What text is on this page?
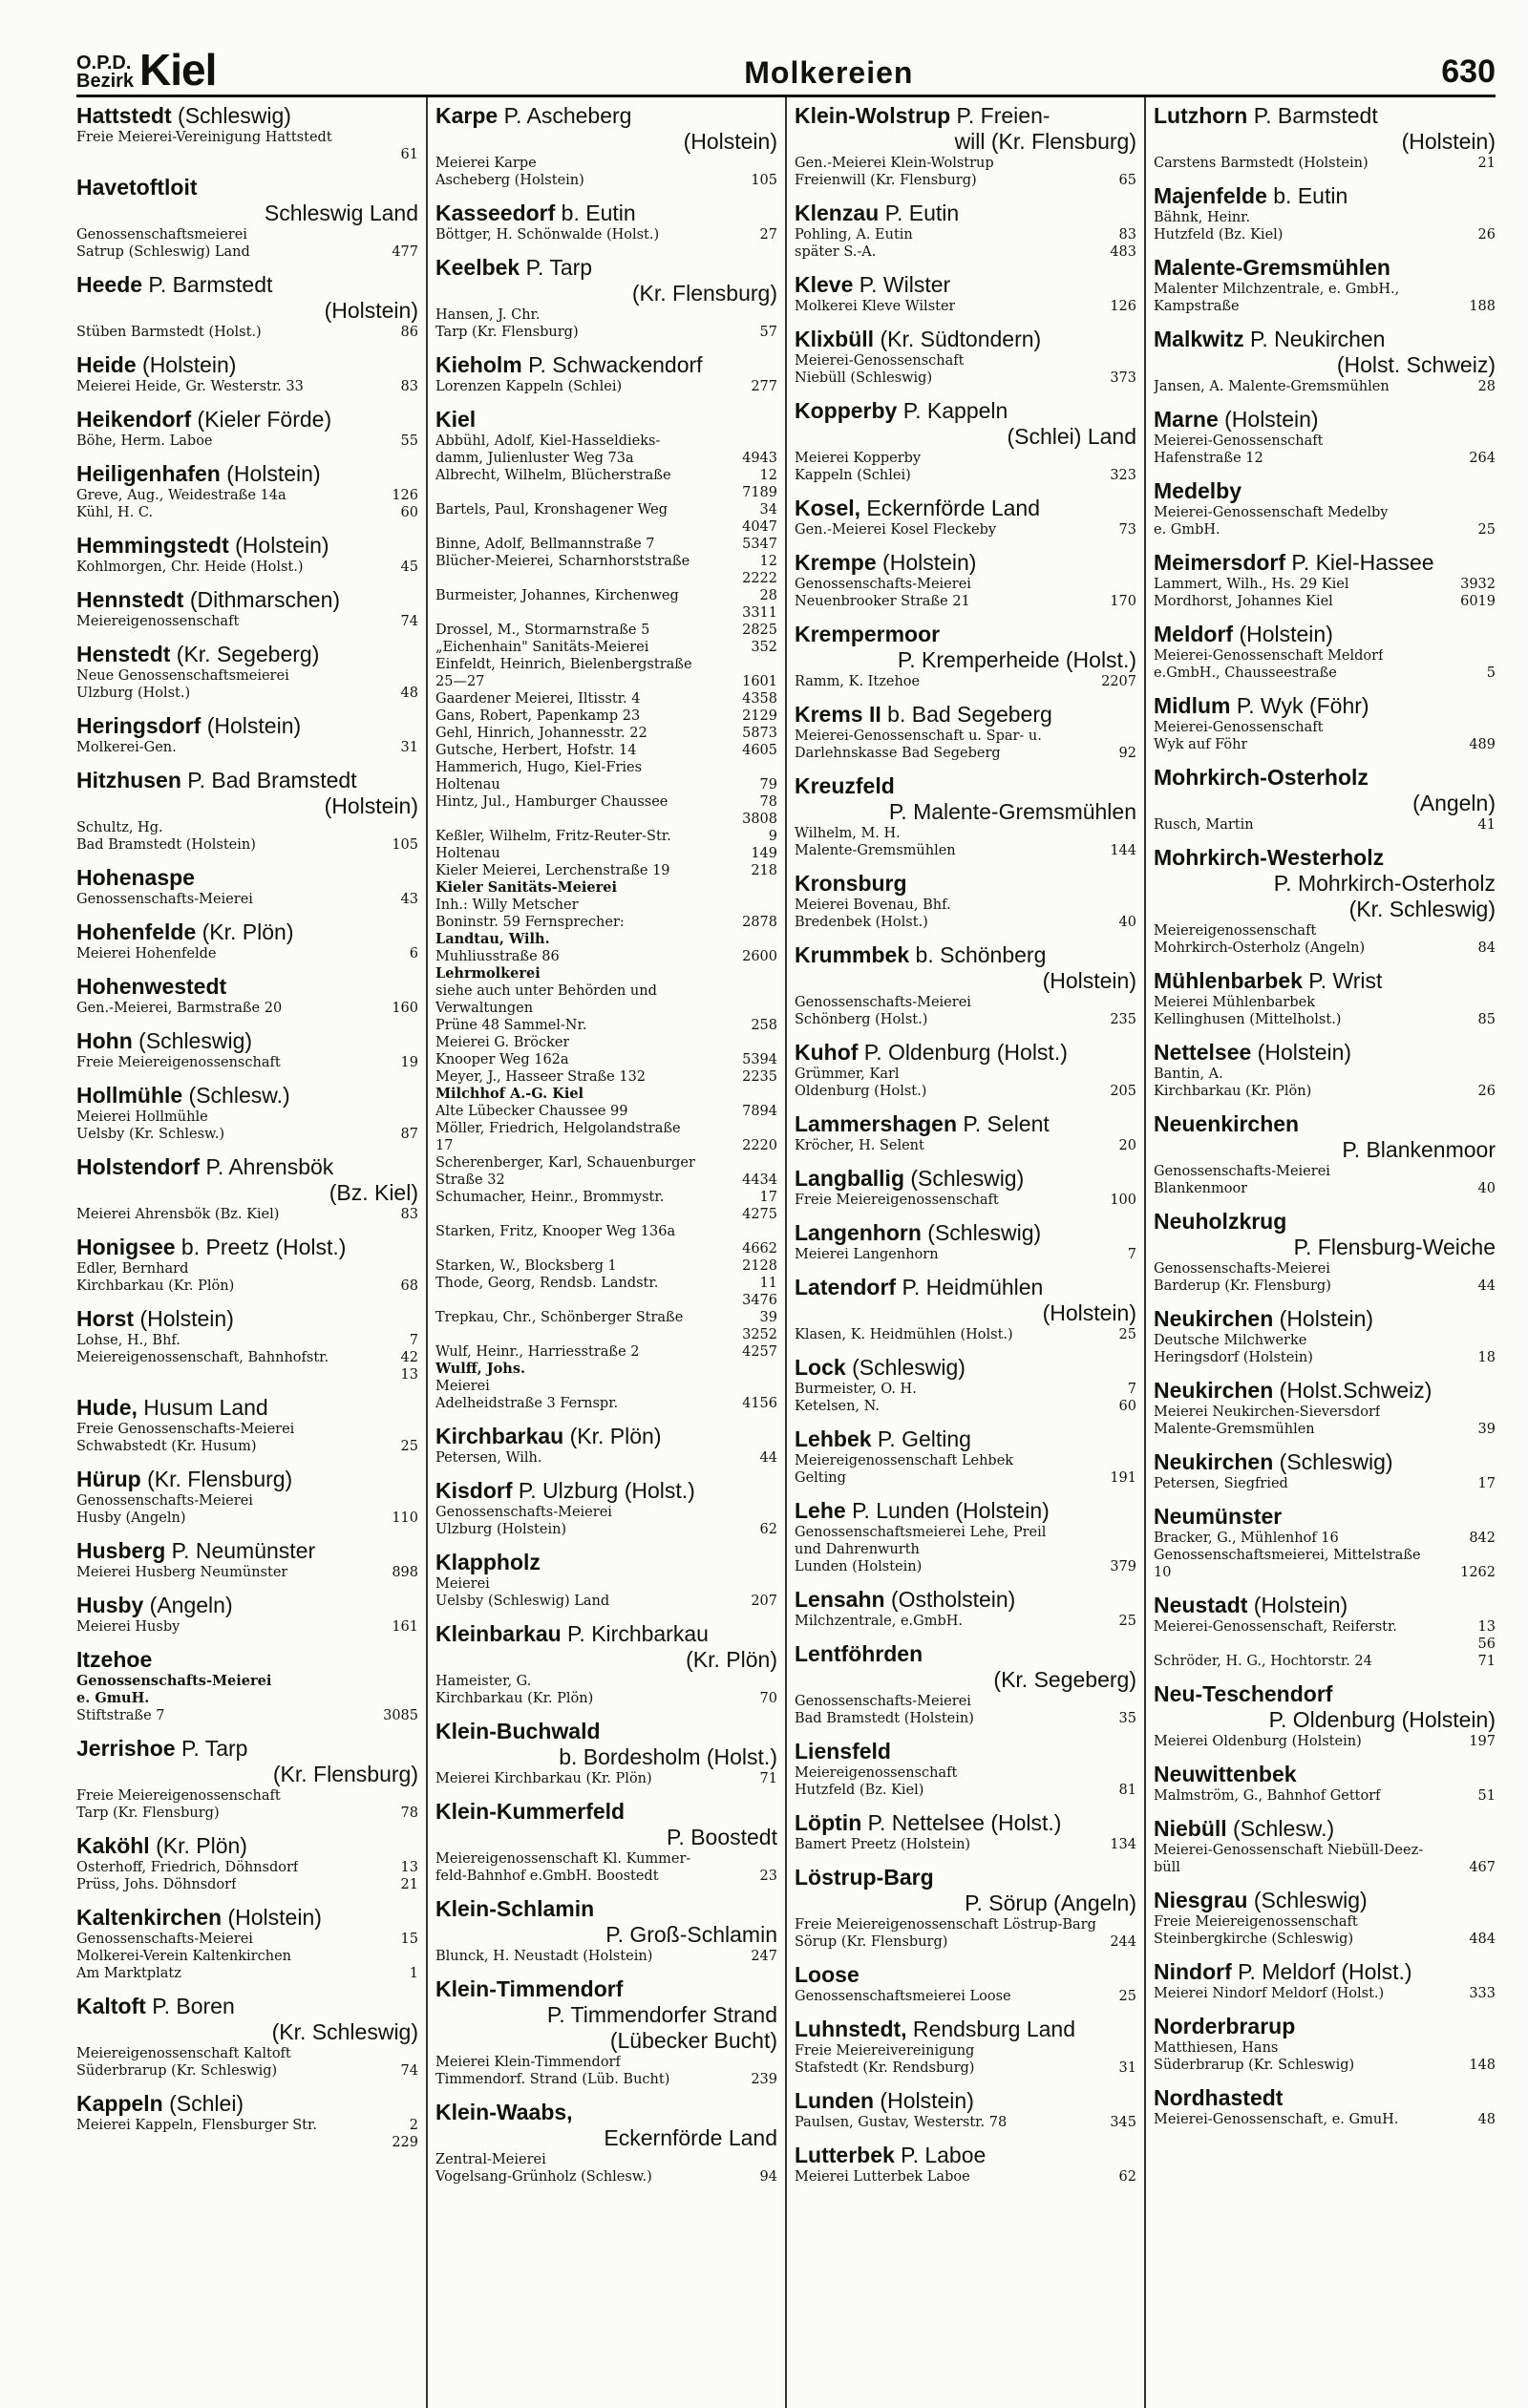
O.P.D.
Bezirk Kiel	Molkereien	630
Hattstedt (Schleswig)
Freie Meierei-Vereinigung Hattstedt
61
Havetoftloit
Schleswig Land
Genossenschaftsmeierei
Satrup (Schleswig) Land	477
Heede P. Barmstedt
(Holstein)
Stüben Barmstedt (Holst.)	86
Heide (Holstein)
Meierei Heide, Gr. Westerstr. 33	83
Heikendorf (Kieler Förde)
Böhe, Herm. Laboe	55
Heiligenhafen (Holstein)
Greve, Aug., Weidestraße 14a	126
Kühl, H. C.	60
Hemmingstedt (Holstein)
Kohlmorgen, Chr. Heide (Holst.)	45
Hennstedt (Dithmarschen)
Meiereigenossenschaft	74
Henstedt (Kr. Segeberg)
Neue Genossenschaftsmeierei
Ulzburg (Holst.)	48
Heringsdorf (Holstein)
Molkerei-Gen.	31
Hitzhusen P. Bad Bramstedt
(Holstein)
Schultz, Hg.
Bad Bramstedt (Holstein)	105
Hohenaspe
Genossenschafts-Meierei	43
Hohenfelde (Kr. Plön)
Meierei Hohenfelde	6
Hohenwestedt
Gen.-Meierei, Barmstraße 20	160
Hohn (Schleswig)
Freie Meiereigenossenschaft	19
Hollmühle (Schlesw.)
Meierei Hollmühle
Uelsby (Kr. Schlesw.)	87
Holstendorf P. Ahrensbök
(Bz. Kiel)
Meierei Ahrensbök (Bz. Kiel)	83
Honigsee b. Preetz (Holst.)
Edler, Bernhard
Kirchbarkau (Kr. Plön)	68
Horst (Holstein)
Lohse, H., Bhf.	7
Meiereigenossenschaft, Bahnhofstr.	42
13
Hude, Husum Land
Freie Genossenschafts-Meierei
Schwabstedt (Kr. Husum)	25
Hürup (Kr. Flensburg)
Genossenschafts-Meierei
Husby (Angeln)	110
Husberg P. Neumünster
Meierei Husberg Neumünster	898
Husby (Angeln)
Meierei Husby	161
Itzehoe
Genossenschafts-Meierei
e. GmuH.
Stiftstraße 7	3085
Jerrishoe P. Tarp
(Kr. Flensburg)
Freie Meiereigenossenschaft
Tarp (Kr. Flensburg)	78
Kaköhl (Kr. Plön)
Osterhoff, Friedrich, Döhnsdorf	13
Prüss, Johs. Döhnsdorf	21
Kaltenkirchen (Holstein)
Genossenschafts-Meierei	15
Molkerei-Verein Kaltenkirchen
Am Marktplatz	1
Kaltoft P. Boren
(Kr. Schleswig)
Meiereigenossenschaft Kaltoft
Süderbrarup (Kr. Schleswig)	74
Kappeln (Schlei)
Meierei Kappeln, Flensburger Str.	2
229
Karpe P. Ascheberg
(Holstein)
Meierei Karpe
Ascheberg (Holstein)	105
Kasseedorf b. Eutin
Böttger, H. Schönwalde (Holst.)	27
Keelbek P. Tarp
(Kr. Flensburg)
Hansen, J. Chr.
Tarp (Kr. Flensburg)	57
Kieholm P. Schwackendorf
Lorenzen Kappeln (Schlei)	277
Kiel
Abbühl, Adolf, Kiel-Hasseldieks-
damm, Julienluster Weg 73a	4943
Albrecht, Wilhelm, Blücherstraße	12
7189
Bartels, Paul, Kronshagener Weg	34
4047
Binne, Adolf, Bellmannstraße 7	5347
Blücher-Meierei, Scharnhorststraße	12
2222
Burmeister, Johannes, Kirchenweg	28
3311
Drossel, M., Stormarnstraße 5	2825
„Eichenhain" Sanitäts-Meierei	352
Einfeldt, Heinrich, Bielenbergstraße
25—27	1601
Gaardener Meierei, Iltisstr. 4	4358
Gans, Robert, Papenkamp 23	2129
Gehl, Hinrich, Johannesstr. 22	5873
Gutsche, Herbert, Hofstr. 14	4605
Hammerich, Hugo, Kiel-Fries
Holtenau	79
Hintz, Jul., Hamburger Chaussee	78
3808
Keßler, Wilhelm, Fritz-Reuter-Str.	9
Holtenau	149
Kieler Meierei, Lerchenstraße 19	218
Kieler Sanitäts-Meierei
Inh.: Willy Metscher
Boninstr. 59 Fernsprecher:	2878
Landtau, Wilh.
Muhliusstraße 86	2600
Lehrmolkerei
siehe auch unter Behörden und
Verwaltungen
Prüne 48 Sammel-Nr.	258
Meierei G. Bröcker
Knooper Weg 162a	5394
Meyer, J., Hasseer Straße 132	2235
Milchhof A.-G. Kiel
Alte Lübecker Chaussee 99	7894
Möller, Friedrich, Helgolandstraße
17	2220
Scherenberger, Karl, Schauenburger
Straße 32	4434
Schumacher, Heinr., Brommystr.	17
4275
Starken, Fritz, Knooper Weg 136a
4662
Starken, W., Blocksberg 1	2128
Thode, Georg, Rendsb. Landstr.	11
3476
Trepkau, Chr., Schönberger Straße	39
3252
Wulf, Heinr., Harriesstraße 2	4257
Wulff, Johs.
Meierei
Adelheidstraße 3 Fernspr.	4156
Kirchbarkau (Kr. Plön)
Petersen, Wilh.	44
Kisdorf P. Ulzburg (Holst.)
Genossenschafts-Meierei
Ulzburg (Holstein)	62
Klappholz
Meierei
Uelsby (Schleswig) Land	207
Kleinbarkau P. Kirchbarkau
(Kr. Plön)
Hameister, G.
Kirchbarkau (Kr. Plön)	70
Klein-Buchwald
b. Bordesholm (Holst.)
Meierei Kirchbarkau (Kr. Plön)	71
Klein-Kummerfeld
P. Boostedt
Meiereigenossenschaft Kl. Kummer-
feld-Bahnhof e.GmbH. Boostedt	23
Klein-Schlamin
P. Groß-Schlamin
Blunck, H. Neustadt (Holstein)	247
Klein-Timmendorf
P. Timmendorfer Strand
(Lübecker Bucht)
Meierei Klein-Timmendorf
Timmendorf. Strand (Lüb. Bucht)	239
Klein-Waabs,
Eckernförde Land
Zentral-Meierei
Vogelsang-Grünholz (Schlesw.)	94
Klein-Wolstrup P. Freien-
will (Kr. Flensburg)
Gen.-Meierei Klein-Wolstrup
Freienwill (Kr. Flensburg)	65
Klenzau P. Eutin
Pohling, A. Eutin	83
später S.-A.	483
Kleve P. Wilster
Molkerei Kleve Wilster	126
Klixbüll (Kr. Südtondern)
Meierei-Genossenschaft
Niebüll (Schleswig)	373
Kopperby P. Kappeln
(Schlei) Land
Meierei Kopperby
Kappeln (Schlei)	323
Kosel, Eckernförde Land
Gen.-Meierei Kosel Fleckeby	73
Krempe (Holstein)
Genossenschafts-Meierei
Neuenbrooker Straße 21	170
Krempermoor
P. Kremperheide (Holst.)
Ramm, K. Itzehoe	2207
Krems II b. Bad Segeberg
Meierei-Genossenschaft u. Spar- u.
Darlehnskasse Bad Segeberg	92
Kreuzfeld
P. Malente-Gremsmühlen
Wilhelm, M. H.
Malente-Gremsmühlen	144
Kronsburg
Meierei Bovenau, Bhf.
Bredenbek (Holst.)	40
Krummbek b. Schönberg
(Holstein)
Genossenschafts-Meierei
Schönberg (Holst.)	235
Kuhof P. Oldenburg (Holst.)
Grümmer, Karl
Oldenburg (Holst.)	205
Lammershagen P. Selent
Kröcher, H. Selent	20
Langballig (Schleswig)
Freie Meiereigenossenschaft	100
Langenhorn (Schleswig)
Meierei Langenhorn	7
Latendorf P. Heidmühlen
(Holstein)
Klasen, K. Heidmühlen (Holst.)	25
Lock (Schleswig)
Burmeister, O. H.	7
Ketelsen, N.	60
Lehbek P. Gelting
Meiereigenossenschaft Lehbek
Gelting	191
Lehe P. Lunden (Holstein)
Genossenschaftsmeierei Lehe, Preil
und Dahrenwurth
Lunden (Holstein)	379
Lensahn (Ostholstein)
Milchzentrale, e.GmbH.	25
Lentföhrden
(Kr. Segeberg)
Genossenschafts-Meierei
Bad Bramstedt (Holstein)	35
Liensfeld
Meiereigenossenschaft
Hutzfeld (Bz. Kiel)	81
Löptin P. Nettelsee (Holst.)
Bamert Preetz (Holstein)	134
Löstrup-Barg
P. Sörup (Angeln)
Freie Meiereigenossenschaft Löstrup-Barg
Sörup (Kr. Flensburg)	244
Loose
Genossenschaftsmeierei Loose	25
Luhnstedt, Rendsburg Land
Freie Meiereivereinigung
Stafstedt (Kr. Rendsburg)	31
Lunden (Holstein)
Paulsen, Gustav, Westerstr. 78	345
Lutterbek P. Laboe
Meierei Lutterbek Laboe	62
Lutzhorn P. Barmstedt
(Holstein)
Carstens Barmstedt (Holstein)	21
Majenfelde b. Eutin
Bähnk, Heinr.
Hutzfeld (Bz. Kiel)	26
Malente-Gremsmühlen
Malenter Milchzentrale, e. GmbH.,
Kampstraße	188
Malkwitz P. Neukirchen
(Holst. Schweiz)
Jansen, A. Malente-Gremsmühlen	28
Marne (Holstein)
Meierei-Genossenschaft
Hafenstraße 12	264
Medelby
Meierei-Genossenschaft Medelby
e. GmbH.	25
Meimersdorf P. Kiel-Hassee
Lammert, Wilh., Hs. 29 Kiel	3932
Mordhorst, Johannes Kiel	6019
Meldorf (Holstein)
Meierei-Genossenschaft Meldorf
e.GmbH., Chausseestraße	5
Midlum P. Wyk (Föhr)
Meierei-Genossenschaft
Wyk auf Föhr	489
Mohrkirch-Osterholz
(Angeln)
Rusch, Martin	41
Mohrkirch-Westerholz
P. Mohrkirch-Osterholz
(Kr. Schleswig)
Meiereigenossenschaft
Mohrkirch-Osterholz (Angeln)	84
Mühlenbarbek P. Wrist
Meierei Mühlenbarbek
Kellinghusen (Mittelholst.)	85
Nettelsee (Holstein)
Bantin, A.
Kirchbarkau (Kr. Plön)	26
Neuenkirchen
P. Blankenmoor
Genossenschafts-Meierei
Blankenmoor	40
Neuholzkrug
P. Flensburg-Weiche
Genossenschafts-Meierei
Barderup (Kr. Flensburg)	44
Neukirchen (Holstein)
Deutsche Milchwerke
Heringsdorf (Holstein)	18
Neukirchen (Holst.Schweiz)
Meierei Neukirchen-Sieversdorf
Malente-Gremsmühlen	39
Neukirchen (Schleswig)
Petersen, Siegfried	17
Neumünster
Bracker, G., Mühlenhof 16	842
Genossenschaftsmeierei, Mittelstraße
10	1262
Neustadt (Holstein)
Meierei-Genossenschaft, Reiferstr.	13
56
Schröder, H. G., Hochtorstr. 24	71
Neu-Teschendorf
P. Oldenburg (Holstein)
Meierei Oldenburg (Holstein)	197
Neuwittenbek
Malmström, G., Bahnhof Gettorf	51
Niebüll (Schlesw.)
Meierei-Genossenschaft Niebüll-Deez-
büll	467
Niesgrau (Schleswig)
Freie Meiereigenossenschaft
Steinbergkirche (Schleswig)	484
Nindorf P. Meldorf (Holst.)
Meierei Nindorf Meldorf (Holst.)	333
Norderbrarup
Matthiesen, Hans
Süderbrarup (Kr. Schleswig)	148
Nordhastedt
Meierei-Genossenschaft, e. GmuH.	48
